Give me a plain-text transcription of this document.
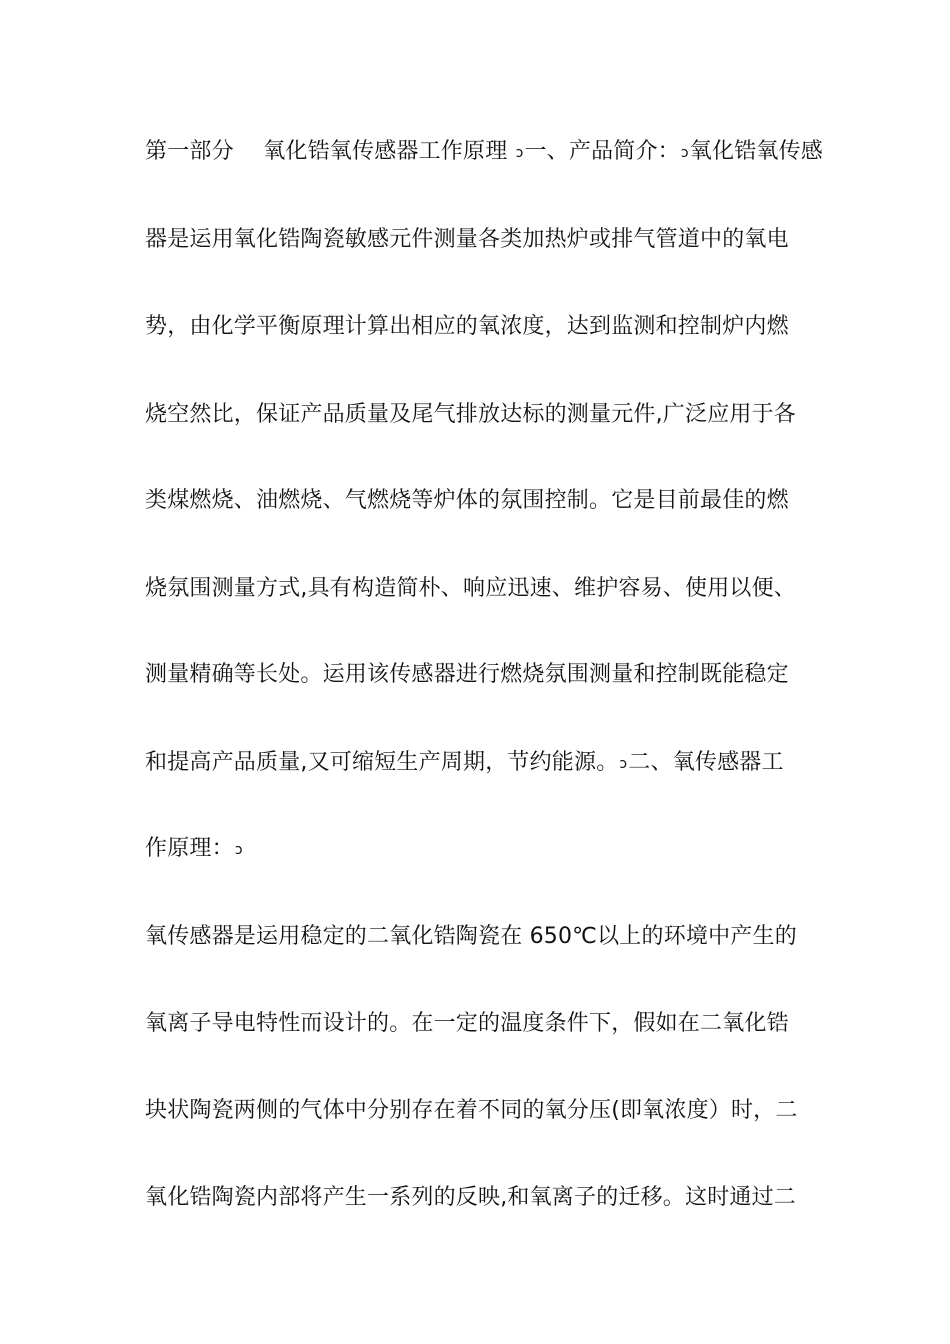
第一部分　 氧化锆氧传感器工作原理 ↄ一、产品简介：ↄ氧化锆氧传感
器是运用氧化锆陶瓷敏感元件测量各类加热炉或排气管道中的氧电
势，由化学平衡原理计算出相应的氧浓度，达到监测和控制炉内燃
烧空然比，保证产品质量及尾气排放达标的测量元件,广泛应用于各
类煤燃烧、油燃烧、气燃烧等炉体的氛围控制。它是目前最佳的燃
烧氛围测量方式,具有构造简朴、响应迅速、维护容易、使用以便、
测量精确等长处。运用该传感器进行燃烧氛围测量和控制既能稳定
和提高产品质量,又可缩短生产周期，节约能源。ↄ二、氧传感器工
作原理：ↄ
氧传感器是运用稳定的二氧化锆陶瓷在 650℃以上的环境中产生的
氧离子导电特性而设计的。在一定的温度条件下，假如在二氧化锆
块状陶瓷两侧的气体中分别存在着不同的氧分压(即氧浓度）时，二
氧化锆陶瓷内部将产生一系列的反映,和氧离子的迁移。这时通过二
